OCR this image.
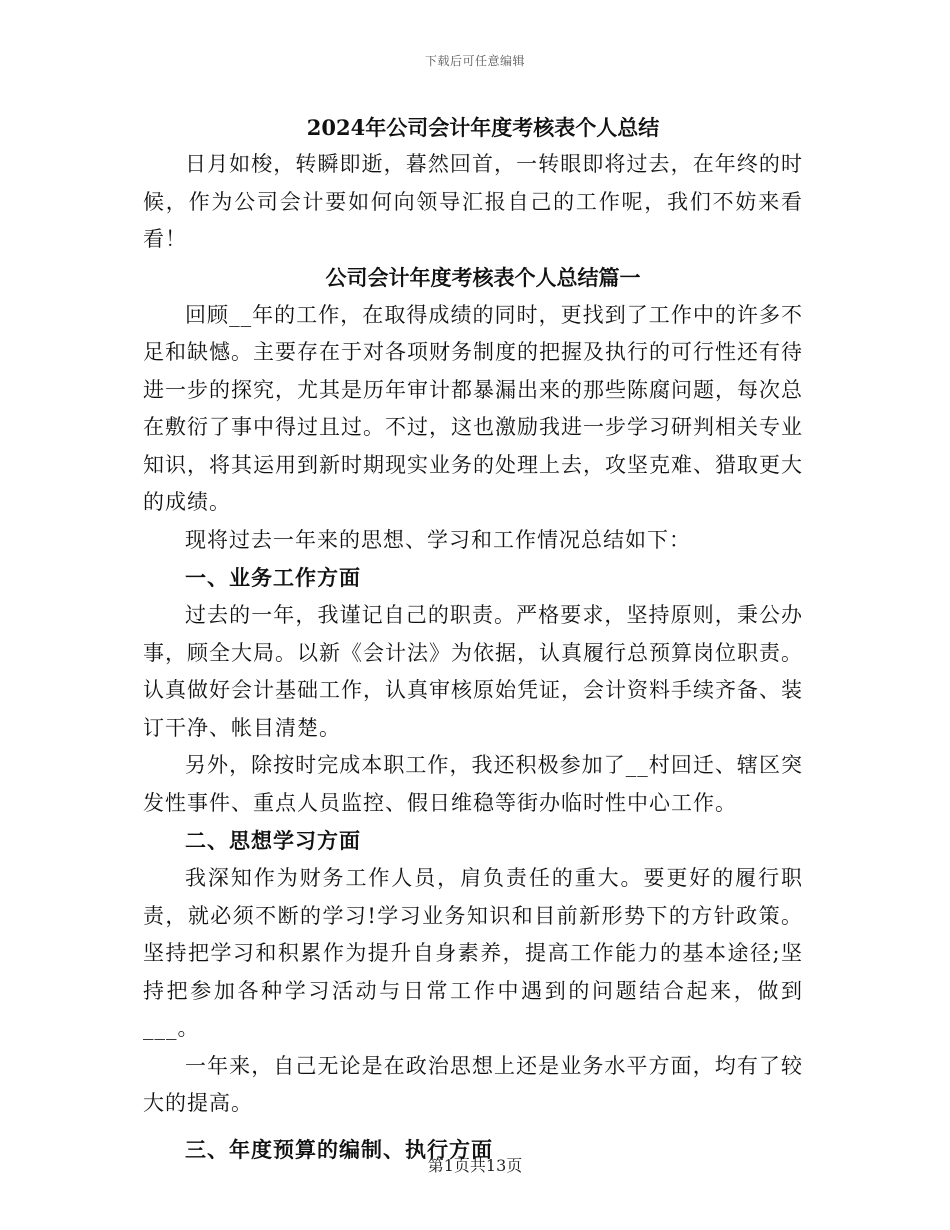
下载后可任意编辑

2024年公司会计年度考核表个人总结

日月如梭，转瞬即逝，暮然回首，一转眼即将过去，在年终的时候，作为公司会计要如何向领导汇报自己的工作呢，我们不妨来看看！

公司会计年度考核表个人总结篇一

回顾__年的工作，在取得成绩的同时，更找到了工作中的许多不足和缺憾。主要存在于对各项财务制度的把握及执行的可行性还有待进一步的探究，尤其是历年审计都暴漏出来的那些陈腐问题，每次总在敷衍了事中得过且过。不过，这也激励我进一步学习研判相关专业知识，将其运用到新时期现实业务的处理上去，攻坚克难、猎取更大的成绩。

现将过去一年来的思想、学习和工作情况总结如下：

一、业务工作方面

过去的一年，我谨记自己的职责。严格要求，坚持原则，秉公办事，顾全大局。以新《会计法》为依据，认真履行总预算岗位职责。认真做好会计基础工作，认真审核原始凭证，会计资料手续齐备、装订干净、帐目清楚。

另外，除按时完成本职工作，我还积极参加了__村回迁、辖区突发性事件、重点人员监控、假日维稳等街办临时性中心工作。

二、思想学习方面

我深知作为财务工作人员，肩负责任的重大。要更好的履行职责，就必须不断的学习!学习业务知识和目前新形势下的方针政策。坚持把学习和积累作为提升自身素养，提高工作能力的基本途径;坚持把参加各种学习活动与日常工作中遇到的问题结合起来，做到___。

一年来，自己无论是在政治思想上还是业务水平方面，均有了较大的提高。

三、年度预算的编制、执行方面

第1页共13页
